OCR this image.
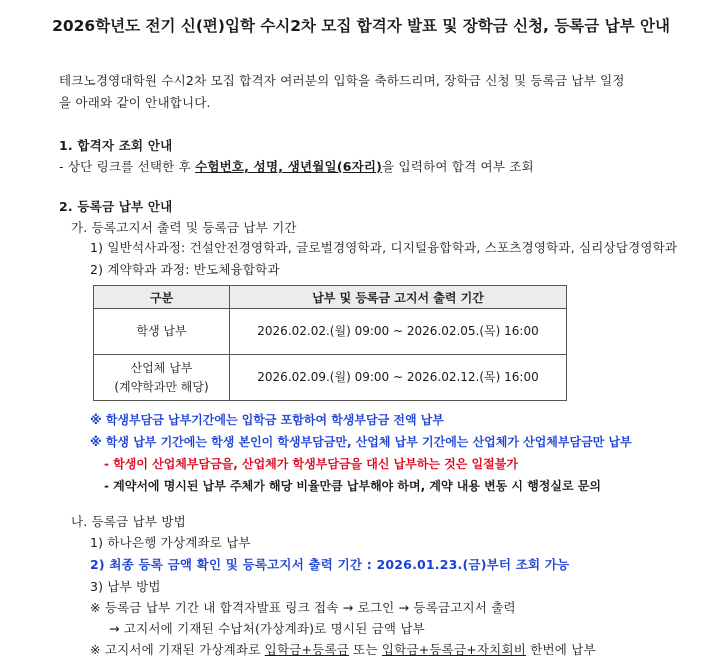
2026학년도 전기 신(편)입학 수시2차 모집 합격자 발표 및 장학금 신청, 등록금 납부 안내
테크노경영대학원 수시2차 모집 합격자 여러분의 입학을 축하드리며, 장학금 신청 및 등록금 납부 일정
을 아래와 같이 안내합니다.
1. 합격자 조회 안내
- 상단 링크를 선택한 후 수험번호, 성명, 생년월일(6자리)을 입력하여 합격 여부 조회
2. 등록금 납부 안내
가. 등록고지서 출력 및 등록금 납부 기간
1) 일반석사과정: 건설안전경영학과, 글로벌경영학과, 디지털융합학과, 스포츠경영학과, 심리상담경영학과
2) 계약학과 과정: 반도체융합학과
구분	납부 및 등록금 고지서 출력 기간
학생 납부	2026.02.02.(월) 09:00 ~ 2026.02.05.(목) 16:00

산업체 납부
(계약학과만 해당)	2026.02.09.(월) 09:00 ~ 2026.02.12.(목) 16:00
※ 학생부담금 납부기간에는 입학금 포함하여 학생부담금 전액 납부
※ 학생 납부 기간에는 학생 본인이 학생부담금만, 산업체 납부 기간에는 산업체가 산업체부담금만 납부
- 학생이 산업체부담금을, 산업체가 학생부담금을 대신 납부하는 것은 일절불가
- 계약서에 명시된 납부 주체가 해당 비율만큼 납부해야 하며, 계약 내용 변동 시 행정실로 문의
나. 등록금 납부 방법
1) 하나은행 가상계좌로 납부
2) 최종 등록 금액 확인 및 등록고지서 출력 기간 : 2026.01.23.(금)부터 조회 가능
3) 납부 방법
※ 등록금 납부 기간 내 합격자발표 링크 접속 → 로그인 → 등록금고지서 출력
→ 고지서에 기재된 수납처(가상계좌)로 명시된 금액 납부
※ 고지서에 기재된 가상계좌로 입학금+등록금 또는 입학금+등록금+자치회비 한번에 납부
